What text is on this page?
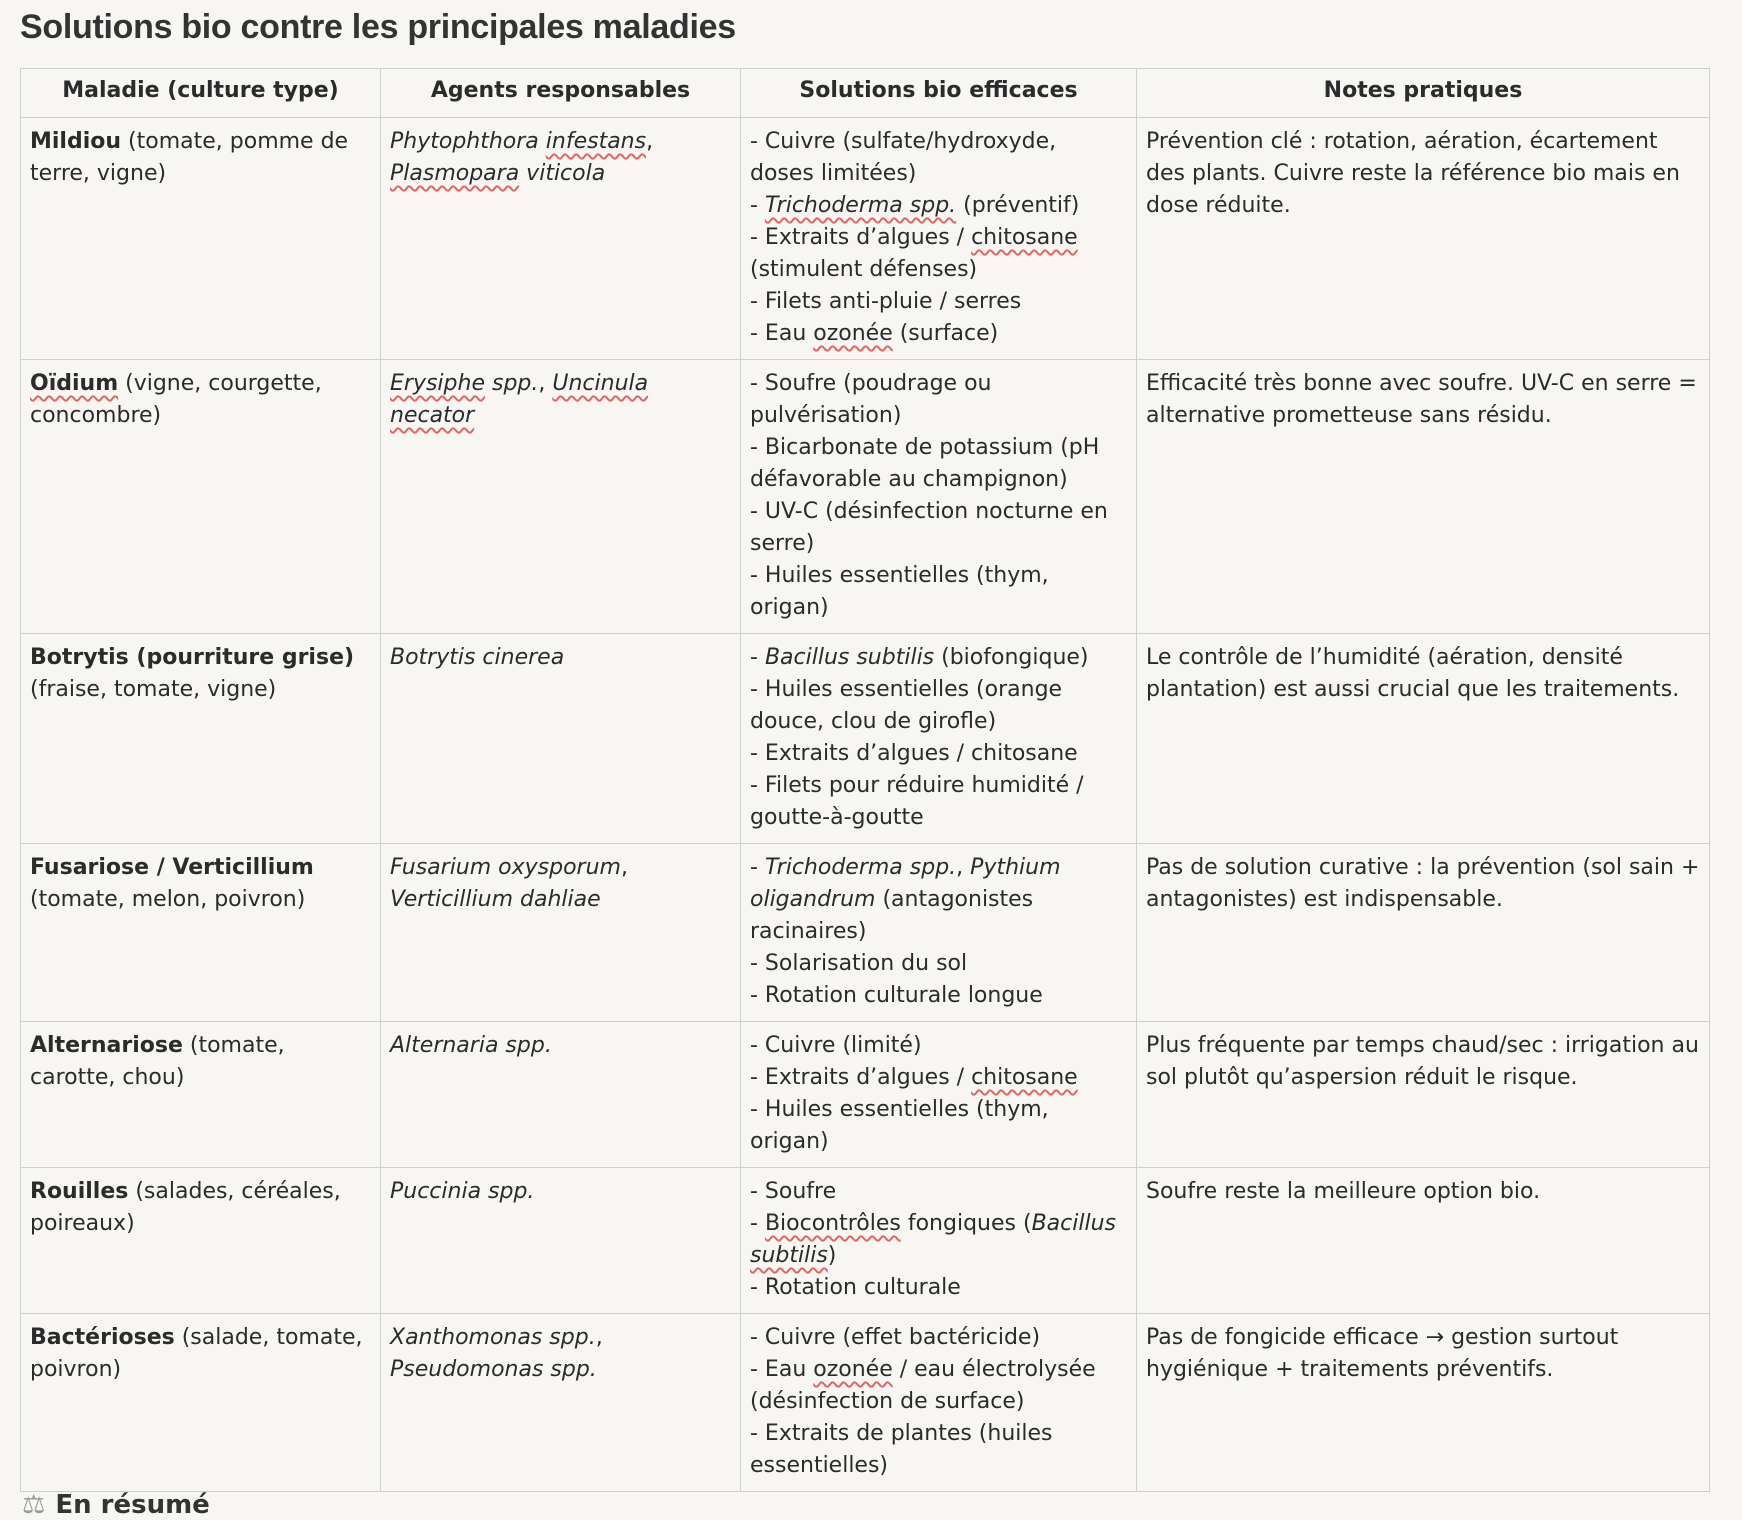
Solutions bio contre les principales maladies
Maladie (culture type)	Agents responsables	Solutions bio efficaces	Notes pratiques

Mildiou (tomate, pomme de terre, vigne)	Phytophthora infestans,
Plasmopara viticola	- Cuivre (sulfate/hydroxyde, doses limitées)
- Trichoderma spp. (préventif)
- Extraits d’algues / chitosane (stimulent défenses)
- Filets anti-pluie / serres
- Eau ozonée (surface)	Prévention clé : rotation, aération, écartement des plants. Cuivre reste la référence bio mais en dose réduite.

Oïdium (vigne, courgette, concombre)	Erysiphe spp., Uncinula
necator	- Soufre (poudrage ou pulvérisation)
- Bicarbonate de potassium (pH défavorable au champignon)
- UV-C (désinfection nocturne en serre)
- Huiles essentielles (thym, origan)	Efficacité très bonne avec soufre. UV-C en serre = alternative prometteuse sans résidu.

Botrytis (pourriture grise)
(fraise, tomate, vigne)	Botrytis cinerea	- Bacillus subtilis (biofongique)
- Huiles essentielles (orange douce, clou de girofle)
- Extraits d’algues / chitosane
- Filets pour réduire humidité / goutte-à-goutte	Le contrôle de l’humidité (aération, densité plantation) est aussi crucial que les traitements.

Fusariose / Verticillium
(tomate, melon, poivron)	Fusarium oxysporum,
Verticillium dahliae	- Trichoderma spp., Pythium oligandrum (antagonistes racinaires)
- Solarisation du sol
- Rotation culturale longue	Pas de solution curative : la prévention (sol sain + antagonistes) est indispensable.

Alternariose (tomate, carotte, chou)	Alternaria spp.	- Cuivre (limité)
- Extraits d’algues / chitosane
- Huiles essentielles (thym, origan)	Plus fréquente par temps chaud/sec : irrigation au sol plutôt qu’aspersion réduit le risque.

Rouilles (salades, céréales, poireaux)	Puccinia spp.	- Soufre
- Biocontrôles fongiques (Bacillus subtilis)
- Rotation culturale	Soufre reste la meilleure option bio.

Bactérioses (salade, tomate, poivron)	Xanthomonas spp.,
Pseudomonas spp.	- Cuivre (effet bactéricide)
- Eau ozonée / eau électrolysée (désinfection de surface)
- Extraits de plantes (huiles essentielles)	Pas de fongicide efficace → gestion surtout hygiénique + traitements préventifs.
⚖ En résumé
